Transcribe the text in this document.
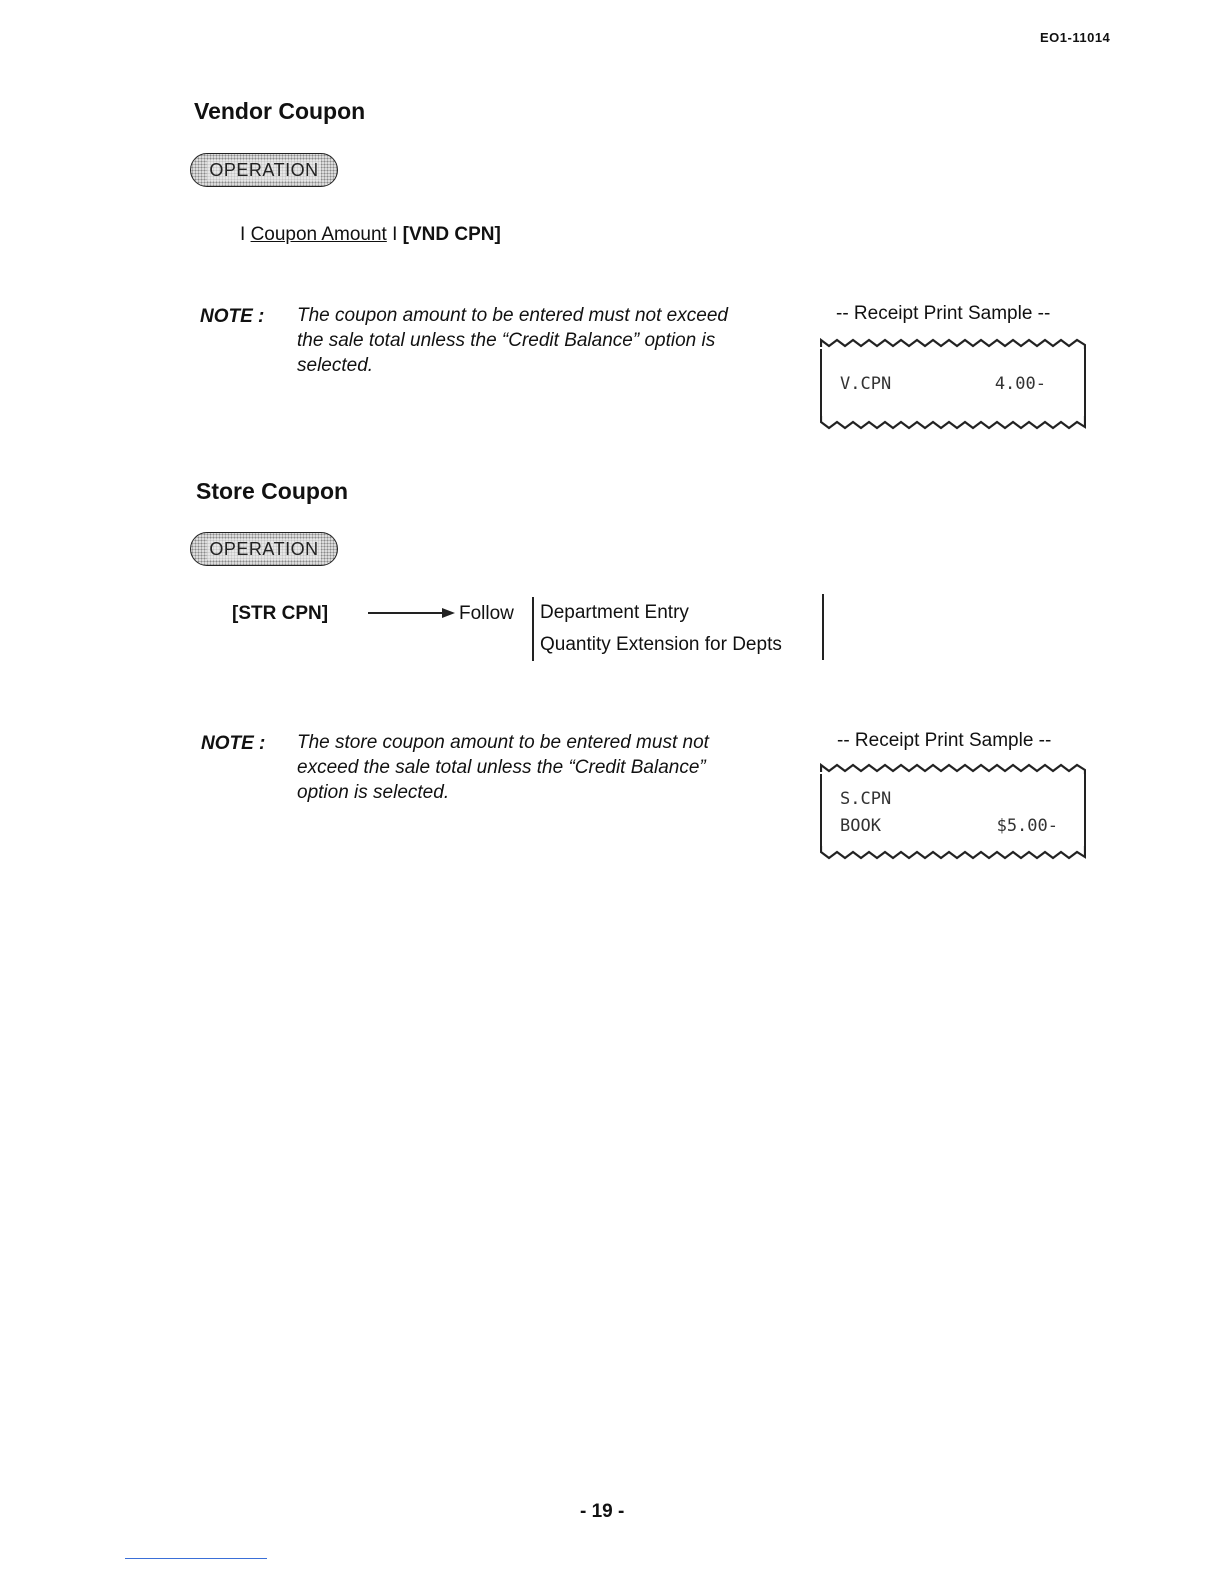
EO1-11014
Vendor Coupon
OPERATION
I Coupon Amount I [VND CPN]
NOTE : The coupon amount to be entered must not exceed
the sale total unless the “Credit Balance” option is
selected.
-- Receipt Print Sample --
V.CPN	4.00-
Store Coupon
OPERATION
[STR CPN]	Follow Department Entry
Quantity Extension for Depts
NOTE : The store coupon amount to be entered must not
exceed the sale total unless the “Credit Balance”
option is selected.
-- Receipt Print Sample --
S.CPN
BOOK	$5.00-
- 19 -
